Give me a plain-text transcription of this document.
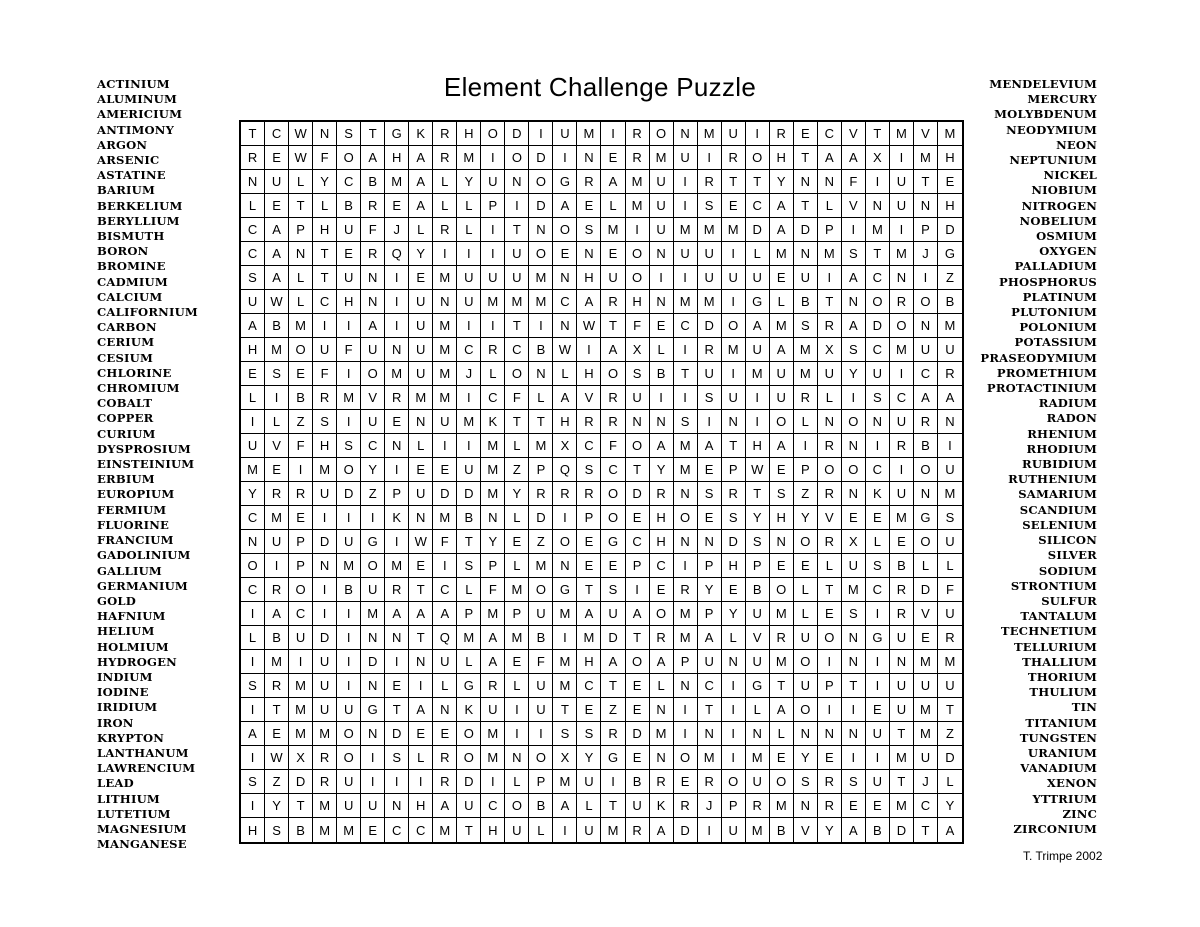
Element Challenge Puzzle
ACTINIUM
ALUMINUM
AMERICIUM
ANTIMONY
ARGON
ARSENIC
ASTATINE
BARIUM
BERKELIUM
BERYLLIUM
BISMUTH
BORON
BROMINE
CADMIUM
CALCIUM
CALIFORNIUM
CARBON
CERIUM
CESIUM
CHLORINE
CHROMIUM
COBALT
COPPER
CURIUM
DYSPROSIUM
EINSTEINIUM
ERBIUM
EUROPIUM
FERMIUM
FLUORINE
FRANCIUM
GADOLINIUM
GALLIUM
GERMANIUM
GOLD
HAFNIUM
HELIUM
HOLMIUM
HYDROGEN
INDIUM
IODINE
IRIDIUM
IRON
KRYPTON
LANTHANUM
LAWRENCIUM
LEAD
LITHIUM
LUTETIUM
MAGNESIUM
MANGANESE
MENDELEVIUM
MERCURY
MOLYBDENUM
NEODYMIUM
NEON
NEPTUNIUM
NICKEL
NIOBIUM
NITROGEN
NOBELIUM
OSMIUM
OXYGEN
PALLADIUM
PHOSPHORUS
PLATINUM
PLUTONIUM
POLONIUM
POTASSIUM
PRASEODYMIUM
PROMETHIUM
PROTACTINIUM
RADIUM
RADON
RHENIUM
RHODIUM
RUBIDIUM
RUTHENIUM
SAMARIUM
SCANDIUM
SELENIUM
SILICON
SILVER
SODIUM
STRONTIUM
SULFUR
TANTALUM
TECHNETIUM
TELLURIUM
THALLIUM
THORIUM
THULIUM
TIN
TITANIUM
TUNGSTEN
URANIUM
VANADIUM
XENON
YTTRIUM
ZINC
ZIRCONIUM
T	C	W	N	S	T	G	K	R	H	O	D	I	U	M	I	R	O	N	M	U	I	R	E	C	V	T	M	V	M
R	E	W	F	O	A	H	A	R	M	I	O	D	I	N	E	R	M	U	I	R	O	H	T	A	A	X	I	M	H
N	U	L	Y	C	B	M	A	L	Y	U	N	O	G	R	A	M	U	I	R	T	T	Y	N	N	F	I	U	T	E
L	E	T	L	B	R	E	A	L	L	P	I	D	A	E	L	M	U	I	S	E	C	A	T	L	V	N	U	N	H
C	A	P	H	U	F	J	L	R	L	I	T	N	O	S	M	I	U	M	M	M	D	A	D	P	I	M	I	P	D
C	A	N	T	E	R	Q	Y	I	I	I	U	O	E	N	E	O	N	U	U	I	L	M	N	M	S	T	M	J	G
S	A	L	T	U	N	I	E	M	U	U	U	M	N	H	U	O	I	I	U	U	U	E	U	I	A	C	N	I	Z
U	W	L	C	H	N	I	U	N	U	M	M	M	C	A	R	H	N	M	M	I	G	L	B	T	N	O	R	O	B
A	B	M	I	I	A	I	U	M	I	I	T	I	N	W	T	F	E	C	D	O	A	M	S	R	A	D	O	N	M
H	M	O	U	F	U	N	U	M	C	R	C	B	W	I	A	X	L	I	R	M	U	A	M	X	S	C	M	U	U
E	S	E	F	I	O	M	U	M	J	L	O	N	L	H	O	S	B	T	U	I	M	U	M	U	Y	U	I	C	R
L	I	B	R	M	V	R	M	M	I	C	F	L	A	V	R	U	I	I	S	U	I	U	R	L	I	S	C	A	A
I	L	Z	S	I	U	E	N	U	M	K	T	T	H	R	R	N	N	S	I	N	I	O	L	N	O	N	U	R	N
U	V	F	H	S	C	N	L	I	I	M	L	M	X	C	F	O	A	M	A	T	H	A	I	R	N	I	R	B	I
M	E	I	M	O	Y	I	E	E	U	M	Z	P	Q	S	C	T	Y	M	E	P	W	E	P	O	O	C	I	O	U
Y	R	R	U	D	Z	P	U	D	D	M	Y	R	R	R	O	D	R	N	S	R	T	S	Z	R	N	K	U	N	M
C	M	E	I	I	I	K	N	M	B	N	L	D	I	P	O	E	H	O	E	S	Y	H	Y	V	E	E	M	G	S
N	U	P	D	U	G	I	W	F	T	Y	E	Z	O	E	G	C	H	N	N	D	S	N	O	R	X	L	E	O	U
O	I	P	N	M	O	M	E	I	S	P	L	M	N	E	E	P	C	I	P	H	P	E	E	L	U	S	B	L	L
C	R	O	I	B	U	R	T	C	L	F	M	O	G	T	S	I	E	R	Y	E	B	O	L	T	M	C	R	D	F
I	A	C	I	I	M	A	A	A	P	M	P	U	M	A	U	A	O	M	P	Y	U	M	L	E	S	I	R	V	U
L	B	U	D	I	N	N	T	Q	M	A	M	B	I	M	D	T	R	M	A	L	V	R	U	O	N	G	U	E	R
I	M	I	U	I	D	I	N	U	L	A	E	F	M	H	A	O	A	P	U	N	U	M	O	I	N	I	N	M	M
S	R	M	U	I	N	E	I	L	G	R	L	U	M	C	T	E	L	N	C	I	G	T	U	P	T	I	U	U	U
I	T	M	U	U	G	T	A	N	K	U	I	U	T	E	Z	E	N	I	T	I	L	A	O	I	I	E	U	M	T
A	E	M	M	O	N	D	E	E	O	M	I	I	S	S	R	D	M	I	N	I	N	L	N	N	N	U	T	M	Z
I	W	X	R	O	I	S	L	R	O	M	N	O	X	Y	G	E	N	O	M	I	M	E	Y	E	I	I	M	U	D
S	Z	D	R	U	I	I	I	R	D	I	L	P	M	U	I	B	R	E	R	O	U	O	S	R	S	U	T	J	L
I	Y	T	M	U	U	N	H	A	U	C	O	B	A	L	T	U	K	R	J	P	R	M	N	R	E	E	M	C	Y
H	S	B	M	M	E	C	C	M	T	H	U	L	I	U	M	R	A	D	I	U	M	B	V	Y	A	B	D	T	A
T. Trimpe 2002
